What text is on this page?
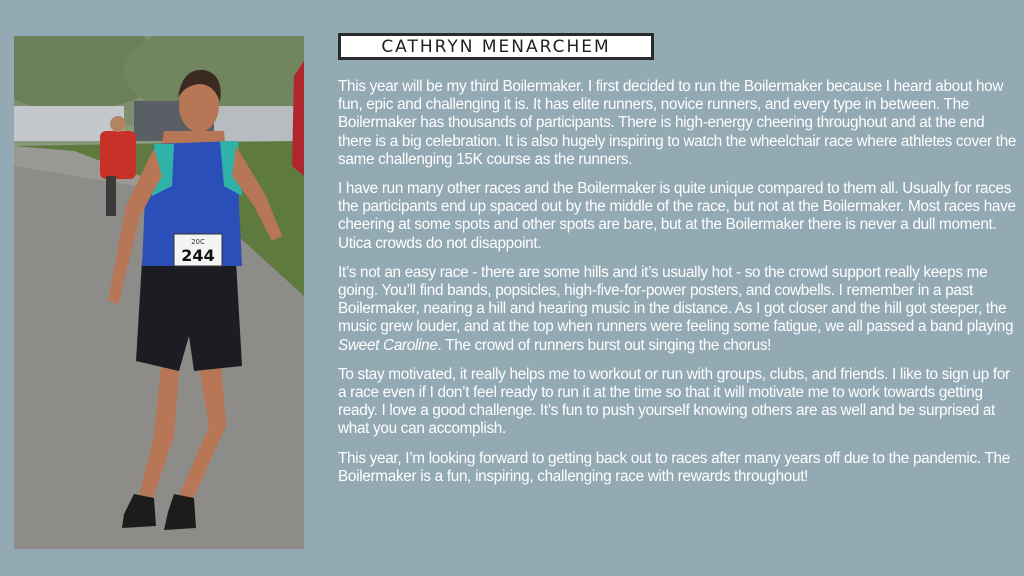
20C
244
CATHRYN MENARCHEM

This year will be my third Boilermaker. I first decided to run the Boilermaker because I heard about how fun, epic and challenging it is. It has elite runners, novice runners, and every type in between. The Boilermaker has thousands of participants. There is high-energy cheering throughout and at the end there is a big celebration. It is also hugely inspiring to watch the wheelchair race where athletes cover the same challenging 15K course as the runners.

I have run many other races and the Boilermaker is quite unique compared to them all. Usually for races the participants end up spaced out by the middle of the race, but not at the Boilermaker. Most races have cheering at some spots and other spots are bare, but at the Boilermaker there is never a dull moment. Utica crowds do not disappoint.

It’s not an easy race - there are some hills and it’s usually hot - so the crowd support really keeps me going. You’ll find bands, popsicles, high-five-for-power posters, and cowbells. I remember in a past Boilermaker, nearing a hill and hearing music in the distance. As I got closer and the hill got steeper, the music grew louder, and at the top when runners were feeling some fatigue, we all passed a band playing Sweet Caroline. The crowd of runners burst out singing the chorus!

To stay motivated, it really helps me to workout or run with groups, clubs, and friends. I like to sign up for a race even if I don’t feel ready to run it at the time so that it will motivate me to work towards getting ready. I love a good challenge. It’s fun to push yourself knowing others are as well and be surprised at what you can accomplish.

This year, I’m looking forward to getting back out to races after many years off due to the pandemic. The Boilermaker is a fun, inspiring, challenging race with rewards throughout!
